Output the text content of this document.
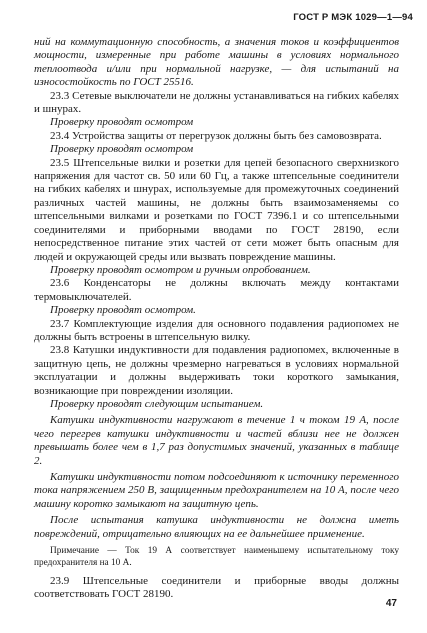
ГОСТ Р МЭК 1029—1—94

ний на коммутационную способность, а значения токов и коэффициентов мощности, измеренные при работе машины в условиях нормального теплоотвода и/или при нормальной нагрузке, — для испытаний на износостойкость по ГОСТ 25516.

23.3 Сетевые выключатели не должны устанавливаться на гибких кабелях и шнурах.

Проверку проводят осмотром

23.4 Устройства защиты от перегрузок должны быть без самовозврата.

Проверку проводят осмотром

23.5 Штепсельные вилки и розетки для цепей безопасного сверхнизкого напряжения для частот св. 50 или 60 Гц, а также штепсельные соединители на гибких кабелях и шнурах, используемые для промежуточных соединений различных частей машины, не должны быть взаимозаменяемы со штепсельными вилками и розетками по ГОСТ 7396.1 и со штепсельными соединителями и приборными вводами по ГОСТ 28190, если непосредственное питание этих частей от сети может быть опасным для людей и окружающей среды или вызвать повреждение машины.

Проверку проводят осмотром и ручным опробованием.

23.6 Конденсаторы не должны включать между контактами термовыключателей.

Проверку проводят осмотром.

23.7 Комплектующие изделия для основного подавления радиопомех не должны быть встроены в штепсельную вилку.

23.8 Катушки индуктивности для подавления радиопомех, включенные в защитную цепь, не должны чрезмерно нагреваться в условиях нормальной эксплуатации и должны выдерживать токи короткого замыкания, возникающие при повреждении изоляции.

Проверку проводят следующим испытанием.

Катушки индуктивности нагружают в течение 1 ч током 19 А, после чего перегрев катушки индуктивности и частей вблизи нее не должен превышать более чем в 1,7 раз допустимых значений, указанных в таблице 2.

Катушки индуктивности потом подсоединяют к источнику переменного тока напряжением 250 В, защищенным предохранителем на 10 А, после чего машину коротко замыкают на защитную цепь.

После испытания катушка индуктивности не должна иметь повреждений, отрицательно влияющих на ее дальнейшее применение.

Примечание — Ток 19 А соответствует наименьшему испытательному току предохранителя на 10 А.

23.9 Штепсельные соединители и приборные вводы должны соответствовать ГОСТ 28190.

47
